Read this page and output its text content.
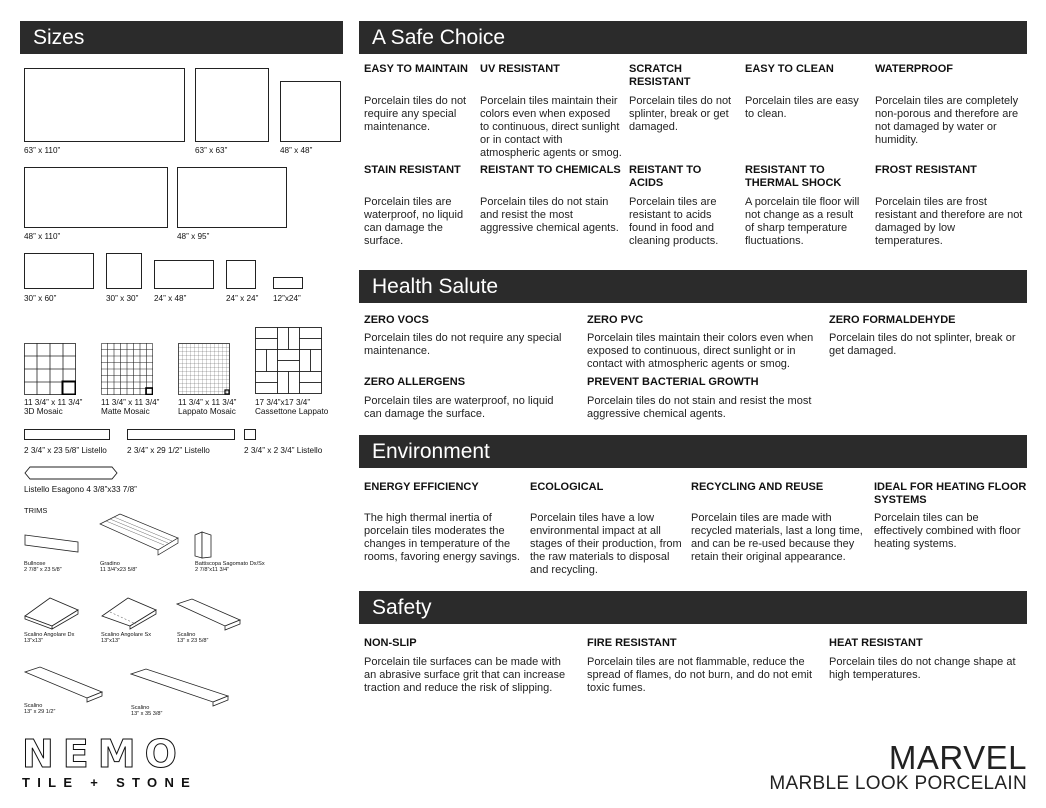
Sizes
63” x 110”	63” x 63”	48” x 48”
48” x 110”	48” x 95”
30” x 60”	30” x 30” 24” x 48”	24” x 24” 12”x24”
11 3/4” x 11 3/4”
3D Mosaic
11 3/4” x 11 3/4”
Matte Mosaic
11 3/4” x 11 3/4”
Lappato Mosaic
17 3/4”x17 3/4”
Cassettone Lappato
2 3/4” x 23 5/8” Listello 2 3/4” x 29 1/2” Listello	2 3/4” x 2 3/4” Listello
Listello Esagono 4 3/8”x33 7/8”
TRIMS
Bullnose
2 7/8” x 23 5/8”
Gradino
11 3/4”x23 5/8”
Battiscopa Sagomato Dx/Sx
2 7/8”x11 3/4”
Scalino Angolare Dx
13”x13”
Scalino Angolare Sx
13”x13”
Scalino
13” x 23 5/8”
Scalino
13” x 29 1/2”
Scalino
13” x 35 3/8”
A Safe Choice
EASY TO MAINTAIN
Porcelain tiles do not require any special maintenance.
UV RESISTANT
Porcelain tiles maintain their colors even when exposed to continuous, direct sunlight or in contact with atmospheric agents or smog.
SCRATCH RESISTANT
Porcelain tiles do not splinter, break or get damaged.
EASY TO CLEAN
Porcelain tiles are easy to clean.
WATERPROOF
Porcelain tiles are completely non-porous and therefore are not damaged by water or humidity.
STAIN RESISTANT
Porcelain tiles are waterproof, no liquid can damage the surface.
REISTANT TO CHEMICALS
Porcelain tiles do not stain and resist the most aggressive chemical agents.
REISTANT TO ACIDS
Porcelain tiles are resistant to acids found in food and cleaning products.
RESISTANT TO THERMAL SHOCK
A porcelain tile floor will not change as a result of sharp temperature fluctuations.
FROST RESISTANT
Porcelain tiles are frost resistant and therefore are not damaged by low temperatures.
Health Salute
ZERO VOCS
Porcelain tiles do not require any special maintenance.
ZERO PVC
Porcelain tiles maintain their colors even when exposed to continuous, direct sunlight or in contact with atmospheric agents or smog.
ZERO FORMALDEHYDE
Porcelain tiles do not splinter, break or get damaged.
ZERO ALLERGENS
Porcelain tiles are waterproof, no liquid can damage the surface.
PREVENT BACTERIAL GROWTH
Porcelain tiles do not stain and resist the most aggressive chemical agents.
Environment
ENERGY EFFICIENCY
The high thermal inertia of porcelain tiles moderates the changes in temperature of the rooms, favoring energy savings.
ECOLOGICAL
Porcelain tiles have a low environmental impact at all stages of their production, from the raw materials to disposal and recycling.
RECYCLING AND REUSE
Porcelain tiles are made with recycled materials, last a long time, and can be re-used because they retain their original appearance.
IDEAL FOR HEATING FLOOR SYSTEMS
Porcelain tiles can be effectively combined with floor heating systems.
Safety
NON-SLIP
Porcelain tile surfaces can be made with an abrasive surface grit that can increase traction and reduce the risk of slipping.
FIRE RESISTANT
Porcelain tiles are not flammable, reduce the spread of flames, do not burn, and do not emit toxic fumes.
HEAT RESISTANT
Porcelain tiles do not change shape at high temperatures.
NEMO
TILE + STONE
MARVEL
MARBLE LOOK PORCELAIN
